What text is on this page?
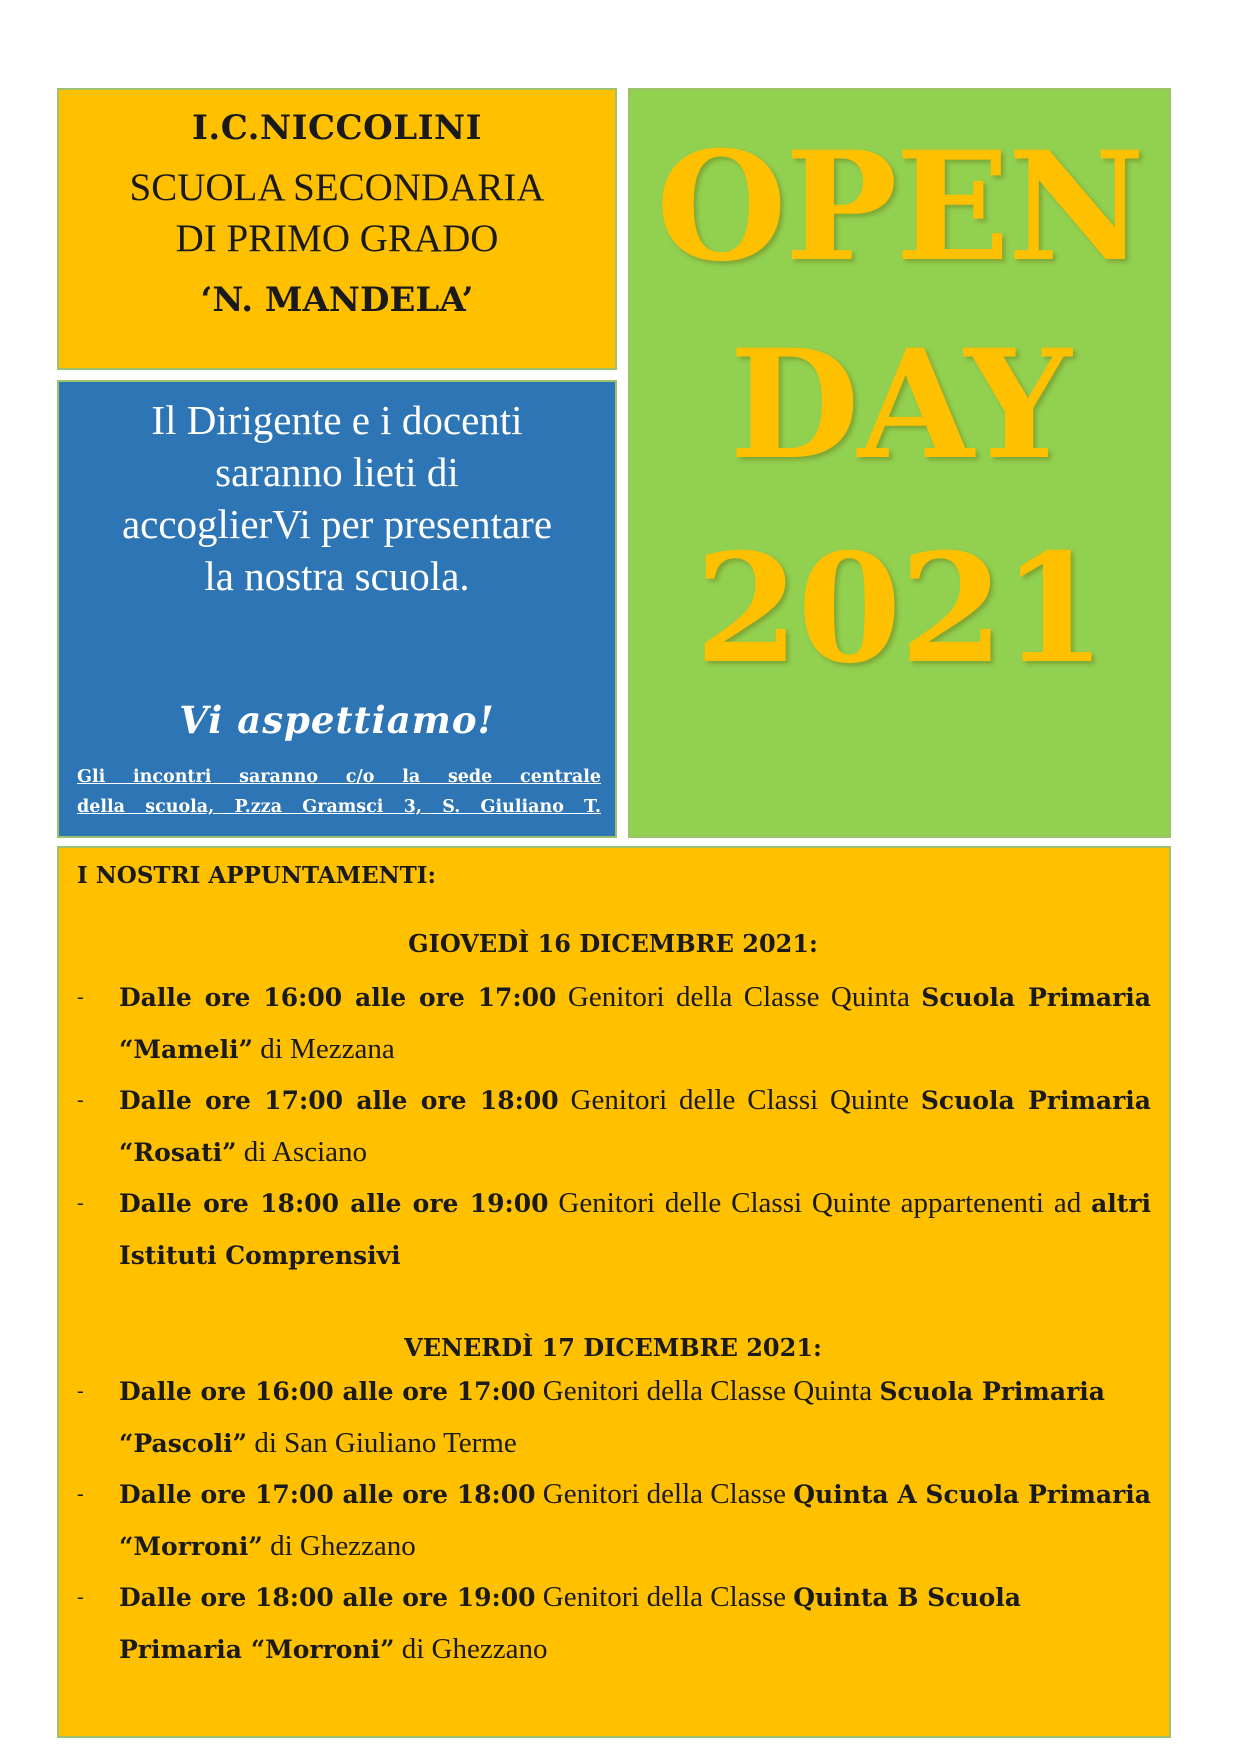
I.C.NICCOLINI
SCUOLA SECONDARIA
DI PRIMO GRADO
‘N. MANDELA’
Il Dirigente e i docenti
saranno lieti di
accoglierVi per presentare
la nostra scuola.
Vi aspettiamo!
Gli incontri saranno c/o la sede centrale
della scuola, P.zza Gramsci 3, S. Giuliano T.
OPEN
DAY
2021
I NOSTRI APPUNTAMENTI:
GIOVEDÌ 16 DICEMBRE 2021:
- Dalle ore 16:00 alle ore 17:00 Genitori della Classe Quinta Scuola Primaria “Mameli” di Mezzana
- Dalle ore 17:00 alle ore 18:00 Genitori delle Classi Quinte Scuola Primaria “Rosati” di Asciano
- Dalle ore 18:00 alle ore 19:00 Genitori delle Classi Quinte appartenenti ad altri Istituti Comprensivi
VENERDÌ 17 DICEMBRE 2021:
- Dalle ore 16:00 alle ore 17:00 Genitori della Classe Quinta Scuola Primaria “Pascoli” di San Giuliano Terme
- Dalle ore 17:00 alle ore 18:00 Genitori della Classe Quinta A Scuola Primaria “Morroni” di Ghezzano
- Dalle ore 18:00 alle ore 19:00 Genitori della Classe Quinta B Scuola Primaria “Morroni” di Ghezzano
